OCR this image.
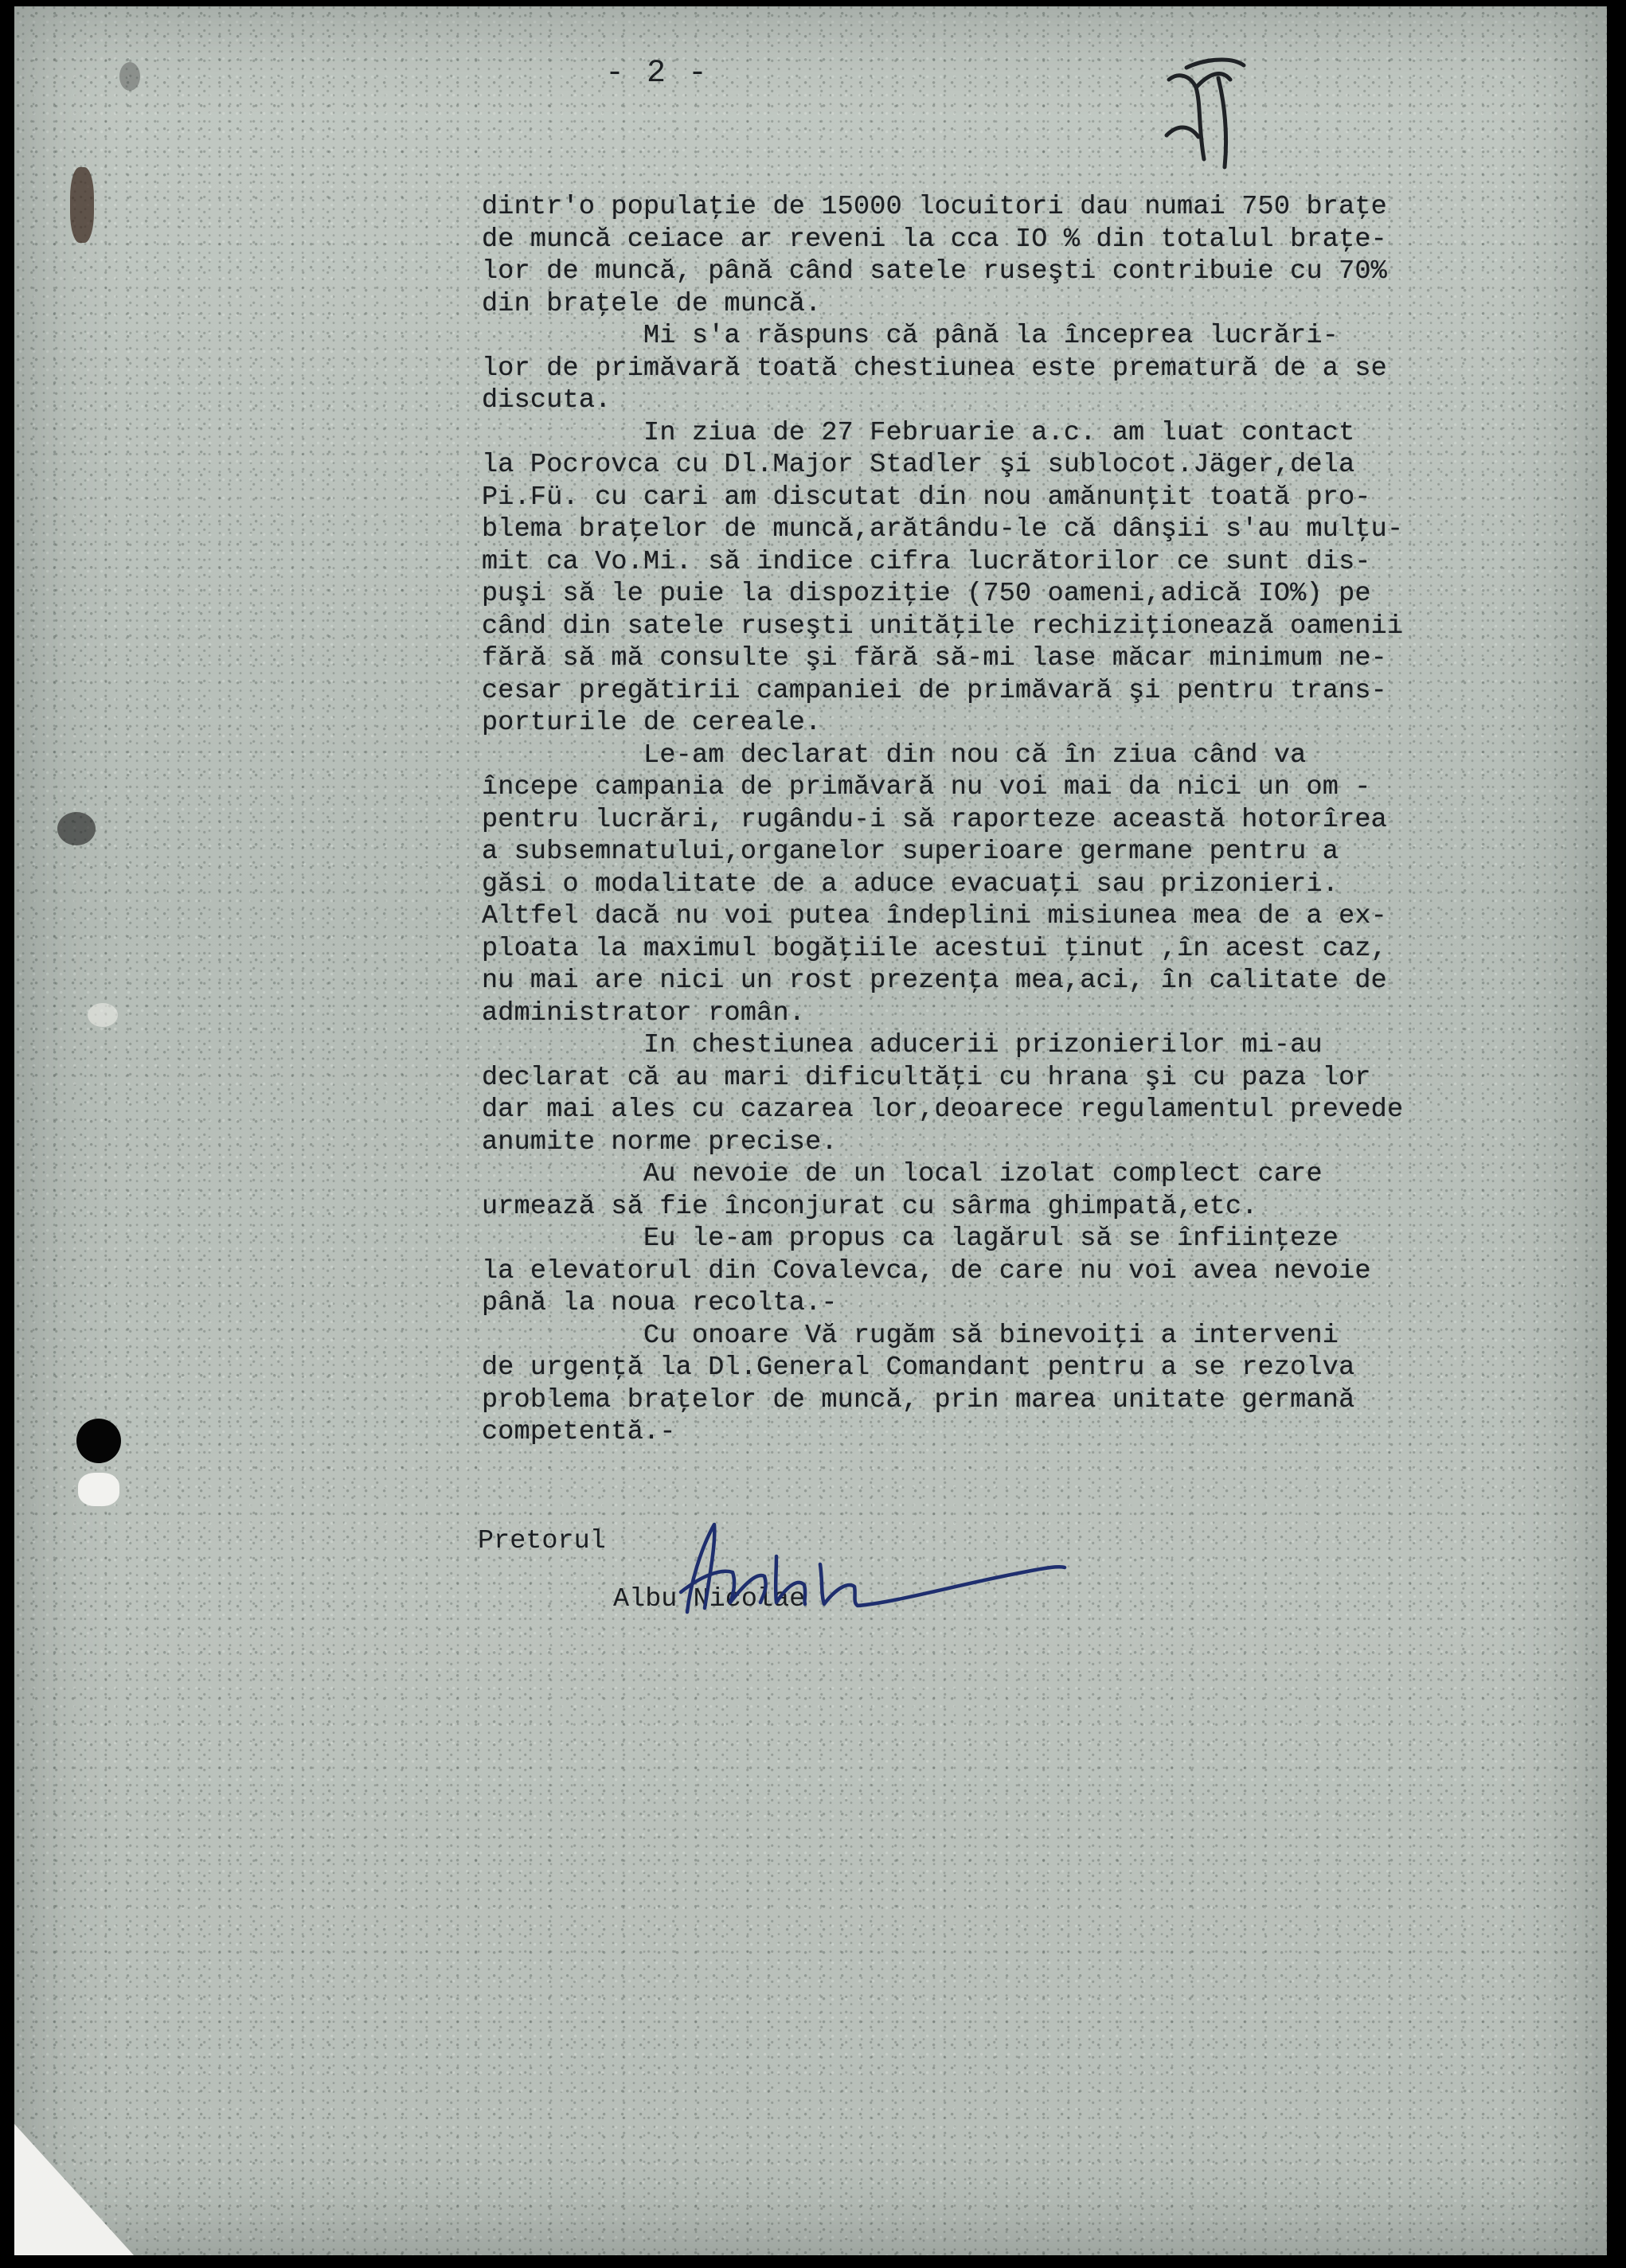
- 2 -
dintr'o populaţie de 15000 locuitori dau numai 750 braţe
de muncă ceiace ar reveni la cca IO % din totalul braţe-
lor de muncă, până când satele ruseşti contribuie cu 70%
din braţele de muncă.
Mi s'a răspuns că până la începrea lucrări-
lor de primăvară toată chestiunea este prematură de a se
discuta.
In ziua de 27 Februarie a.c. am luat contact
la Pocrovca cu Dl.Major Stadler şi sublocot.Jäger,dela
Pi.Fü. cu cari am discutat din nou amănunţit toată pro-
blema braţelor de muncă,arătându-le că dânşii s'au mulţu-
mit ca Vo.Mi. să indice cifra lucrătorilor ce sunt dis-
puşi să le puie la dispoziţie (750 oameni,adică IO%) pe
când din satele ruseşti unităţile rechiziţionează oamenii
fără să mă consulte şi fără să-mi lase măcar minimum ne-
cesar pregătirii campaniei de primăvară şi pentru trans-
porturile de cereale.
Le-am declarat din nou că în ziua când va
începe campania de primăvară nu voi mai da nici un om -
pentru lucrări, rugându-i să raporteze această hotorîrea
a subsemnatului,organelor superioare germane pentru a
găsi o modalitate de a aduce evacuaţi sau prizonieri.
Altfel dacă nu voi putea îndeplini misiunea mea de a ex-
ploata la maximul bogăţiile acestui ţinut ,în acest caz,
nu mai are nici un rost prezenţa mea,aci, în calitate de
administrator român.
In chestiunea aducerii prizonierilor mi-au
declarat că au mari dificultăţi cu hrana şi cu paza lor
dar mai ales cu cazarea lor,deoarece regulamentul prevede
anumite norme precise.
Au nevoie de un local izolat complect care
urmează să fie înconjurat cu sârma ghimpată,etc.
Eu le-am propus ca lagărul să se înfiinţeze
la elevatorul din Covalevca, de care nu voi avea nevoie
până la noua recolta.-
Cu onoare Vă rugăm să binevoiţi a interveni
de urgenţă la Dl.General Comandant pentru a se rezolva
problema braţelor de muncă, prin marea unitate germană
competentă.-
Pretorul
Albu Nicolae
